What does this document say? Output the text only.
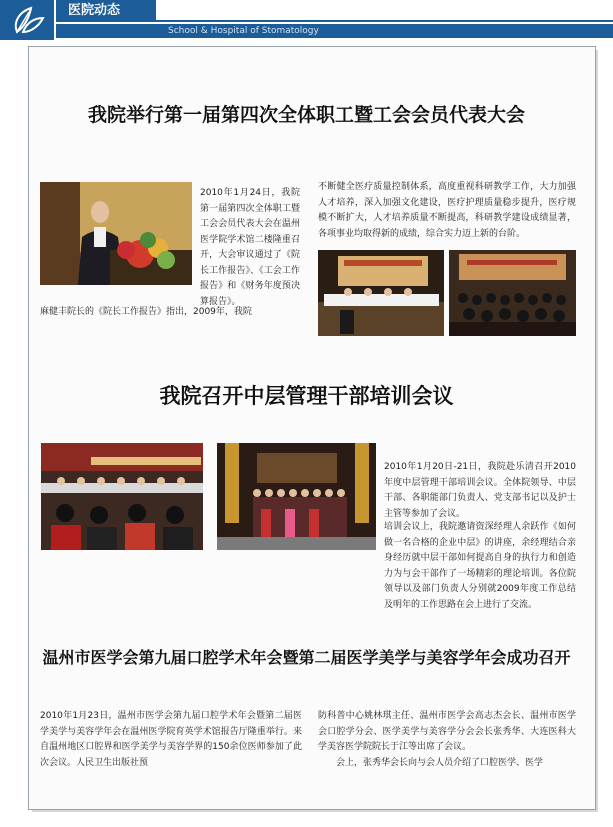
医院动态
School & Hospital of Stomatology
我院举行第一届第四次全体职工暨工会会员代表大会
2010年1月24日，我院第一届第四次全体职工暨工会会员代表大会在温州医学院学术馆二楼隆重召开，大会审议通过了《院长工作报告》、《工会工作报告》和《财务年度预决算报告》。
麻健丰院长的《院长工作报告》指出，2009年，我院
不断健全医疗质量控制体系，高度重视科研教学工作，大力加强人才培养，深入加强文化建设，医疗护理质量稳步提升，医疗规模不断扩大，人才培养质量不断提高，科研教学建设成绩显著，各项事业均取得新的成绩，综合实力迈上新的台阶。
我院召开中层管理干部培训会议
2010年1月20日-21日，我院赴乐清召开2010年度中层管理干部培训会议。全体院领导、中层干部、各职能部门负责人、党支部书记以及护士主管等参加了会议。
培训会议上，我院邀请资深经理人余跃作《如何做一名合格的企业中层》的讲座，余经理结合亲身经历就中层干部如何提高自身的执行力和创造力为与会干部作了一场精彩的理论培训。各位院领导以及部门负责人分别就2009年度工作总结及明年的工作思路在会上进行了交流。
温州市医学会第九届口腔学术年会暨第二届医学美学与美容学年会成功召开
2010年1月23日，温州市医学会第九届口腔学术年会暨第二届医学美学与美容学年会在温州医学院育英学术馆报告厅隆重举行。来自温州地区口腔界和医学美学与美容学界的150余位医师参加了此次会议。人民卫生出版社预
防科普中心姚林琪主任、温州市医学会高志杰会长、温州市医学会口腔学分会、医学美学与美容学分会会长张秀华、大连医科大学美容医学院院长于江等出席了会议。
会上，张秀华会长向与会人员介绍了口腔医学、医学
